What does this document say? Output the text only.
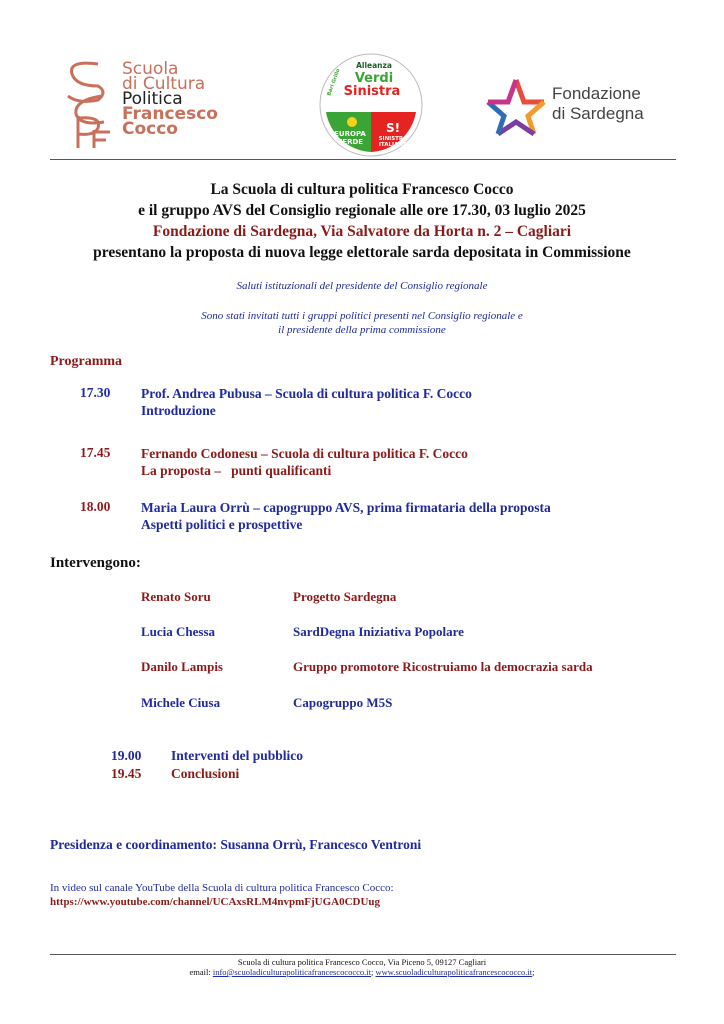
Scuola
di Cultura
Politica
Francesco
Cocco
Alleanza
Verdi
Sinistra
EUROPA
VERDE
S!
SINISTRA
ITALIANA
Bari Grillo	Fondazione
di Sardegna
La Scuola di cultura politica Francesco Cocco
e il gruppo AVS del Consiglio regionale alle ore 17.30, 03 luglio 2025
Fondazione di Sardegna, Via Salvatore da Horta n. 2 – Cagliari
presentano la proposta di nuova legge elettorale sarda depositata in Commissione
Saluti istituzionali del presidente del Consiglio regionale
Sono stati invitati tutti i gruppi politici presenti nel Consiglio regionale e
il presidente della prima commissione
Programma
17.30 Prof. Andrea Pubusa – Scuola di cultura politica F. Cocco
Introduzione
17.45 Fernando Codonesu – Scuola di cultura politica F. Cocco
La proposta –   punti qualificanti
18.00 Maria Laura Orrù – capogruppo AVS, prima firmataria della proposta
Aspetti politici e prospettive
Intervengono:
Renato Soru	Progetto Sardegna
Lucia Chessa	SardDegna Iniziativa Popolare
Danilo Lampis	Gruppo promotore Ricostruiamo la democrazia sarda
Michele Ciusa	Capogruppo M5S
19.00 Interventi del pubblico
19.45 Conclusioni
Presidenza e coordinamento: Susanna Orrù, Francesco Ventroni
In video sul canale YouTube della Scuola di cultura politica Francesco Cocco:
https://www.youtube.com/channel/UCAxsRLM4nvpmFjUGA0CDUug
Scuola di cultura politica Francesco Cocco, Via Piceno 5, 09127 Cagliari
email: info@scuoladiculturapoliticafrancescococco.it; www.scuoladiculturapoliticafrancescococco.it;
